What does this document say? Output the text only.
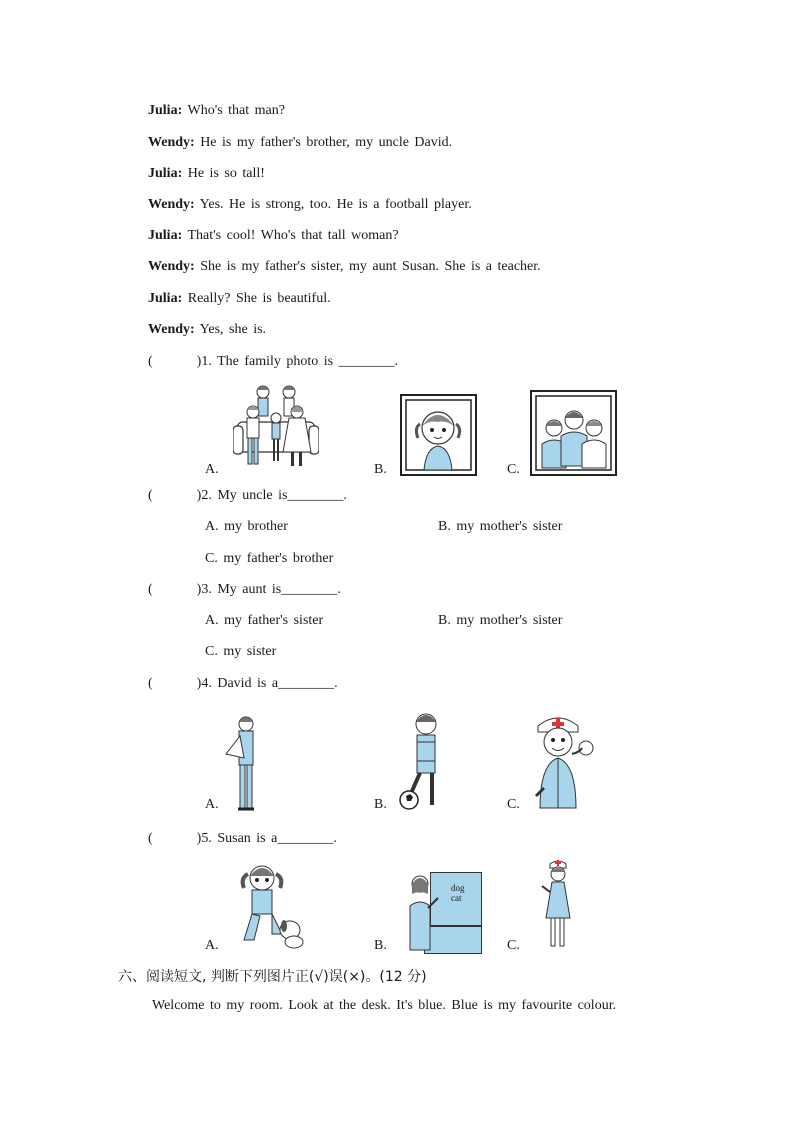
Julia: Who's that man?
Wendy: He is my father's brother, my uncle David.
Julia: He is so tall!
Wendy: Yes. He is strong, too. He is a football player.
Julia: That's cool! Who's that tall woman?
Wendy: She is my father's sister, my aunt Susan. She is a teacher.
Julia: Really? She is beautiful.
Wendy: Yes, she is.
(        )1. The family photo is ________.
A.	B.	C.
(        )2. My uncle is________.
A. my brother	B. my mother's sister
C. my father's brother
(        )3. My aunt is________.
A. my father's sister	B. my mother's sister
C. my sister
(        )4. David is a________.
A.	B.	C.
(        )5. Susan is a________.
A.
dog
cat
B.	C.
六、阅读短文, 判断下列图片正(√)误(×)。(12 分)
Welcome to my room. Look at the desk. It's blue. Blue is my favourite colour.
